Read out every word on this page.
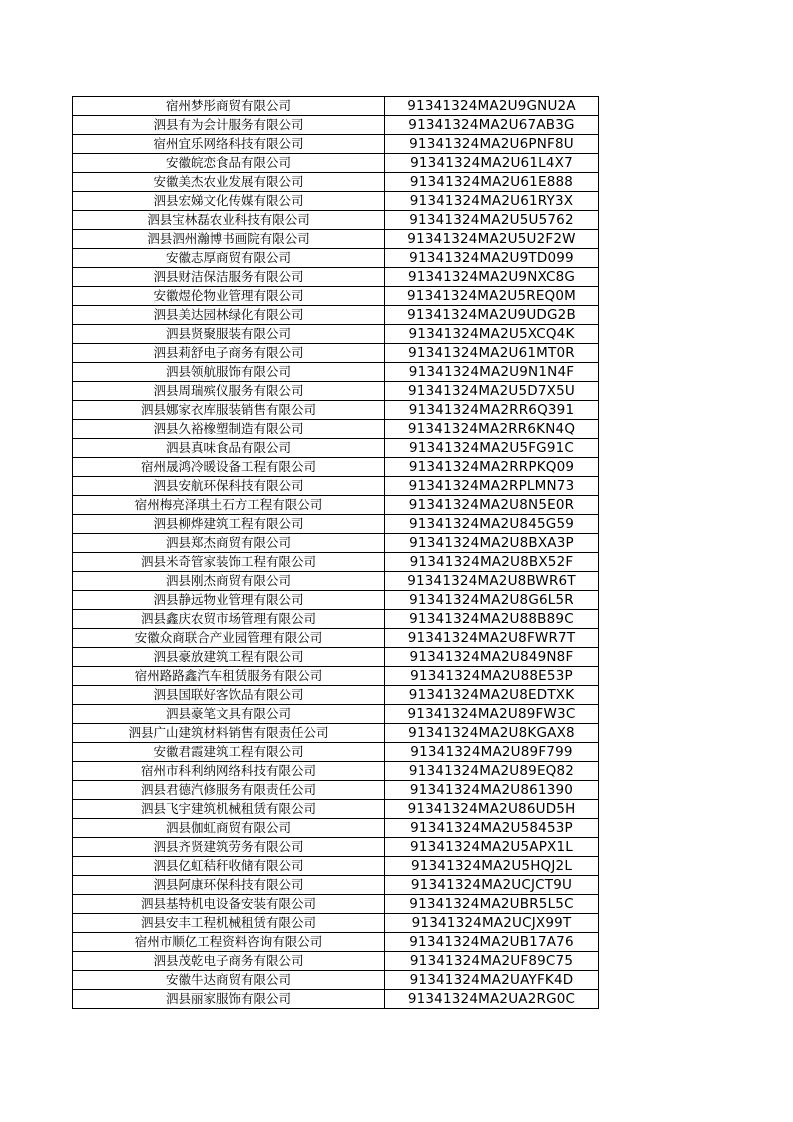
宿州梦彤商贸有限公司	91341324MA2U9GNU2A
泗县有为会计服务有限公司	91341324MA2U67AB3G
宿州宜乐网络科技有限公司	91341324MA2U6PNF8U
安徽皖恋食品有限公司	91341324MA2U61L4X7
安徽美杰农业发展有限公司	91341324MA2U61E888
泗县宏娣文化传媒有限公司	91341324MA2U61RY3X
泗县宝林磊农业科技有限公司	91341324MA2U5U5762
泗县泗州瀚博书画院有限公司	91341324MA2U5U2F2W
安徽志厚商贸有限公司	91341324MA2U9TD099
泗县财洁保洁服务有限公司	91341324MA2U9NXC8G
安徽煜伦物业管理有限公司	91341324MA2U5REQ0M
泗县美达园林绿化有限公司	91341324MA2U9UDG2B
泗县贤聚服装有限公司	91341324MA2U5XCQ4K
泗县莉舒电子商务有限公司	91341324MA2U61MT0R
泗县领航服饰有限公司	91341324MA2U9N1N4F
泗县周瑞殡仪服务有限公司	91341324MA2U5D7X5U
泗县娜家衣库服装销售有限公司	91341324MA2RR6Q391
泗县久裕橡塑制造有限公司	91341324MA2RR6KN4Q
泗县真味食品有限公司	91341324MA2U5FG91C
宿州晟鸿冷暖设备工程有限公司	91341324MA2RRPKQ09
泗县安航环保科技有限公司	91341324MA2RPLMN73
宿州梅亮泽琪土石方工程有限公司	91341324MA2U8N5E0R
泗县柳烨建筑工程有限公司	91341324MA2U845G59
泗县郑杰商贸有限公司	91341324MA2U8BXA3P
泗县米奇管家装饰工程有限公司	91341324MA2U8BX52F
泗县刚杰商贸有限公司	91341324MA2U8BWR6T
泗县静远物业管理有限公司	91341324MA2U8G6L5R
泗县鑫庆农贸市场管理有限公司	91341324MA2U88B89C
安徽众商联合产业园管理有限公司	91341324MA2U8FWR7T
泗县豪放建筑工程有限公司	91341324MA2U849N8F
宿州路路鑫汽车租赁服务有限公司	91341324MA2U88E53P
泗县国联好客饮品有限公司	91341324MA2U8EDTXK
泗县豪笔文具有限公司	91341324MA2U89FW3C
泗县广山建筑材料销售有限责任公司	91341324MA2U8KGAX8
安徽君霞建筑工程有限公司	91341324MA2U89F799
宿州市科利纳网络科技有限公司	91341324MA2U89EQ82
泗县君德汽修服务有限责任公司	91341324MA2U861390
泗县飞宇建筑机械租赁有限公司	91341324MA2U86UD5H
泗县伽虹商贸有限公司	91341324MA2U58453P
泗县齐贤建筑劳务有限公司	91341324MA2U5APX1L
泗县亿虹秸秆收储有限公司	91341324MA2U5HQJ2L
泗县阿康环保科技有限公司	91341324MA2UCJCT9U
泗县基特机电设备安装有限公司	91341324MA2UBR5L5C
泗县安丰工程机械租赁有限公司	91341324MA2UCJX99T
宿州市顺亿工程资料咨询有限公司	91341324MA2UB17A76
泗县茂乾电子商务有限公司	91341324MA2UF89C75
安徽牛达商贸有限公司	91341324MA2UAYFK4D
泗县丽家服饰有限公司	91341324MA2UA2RG0C
